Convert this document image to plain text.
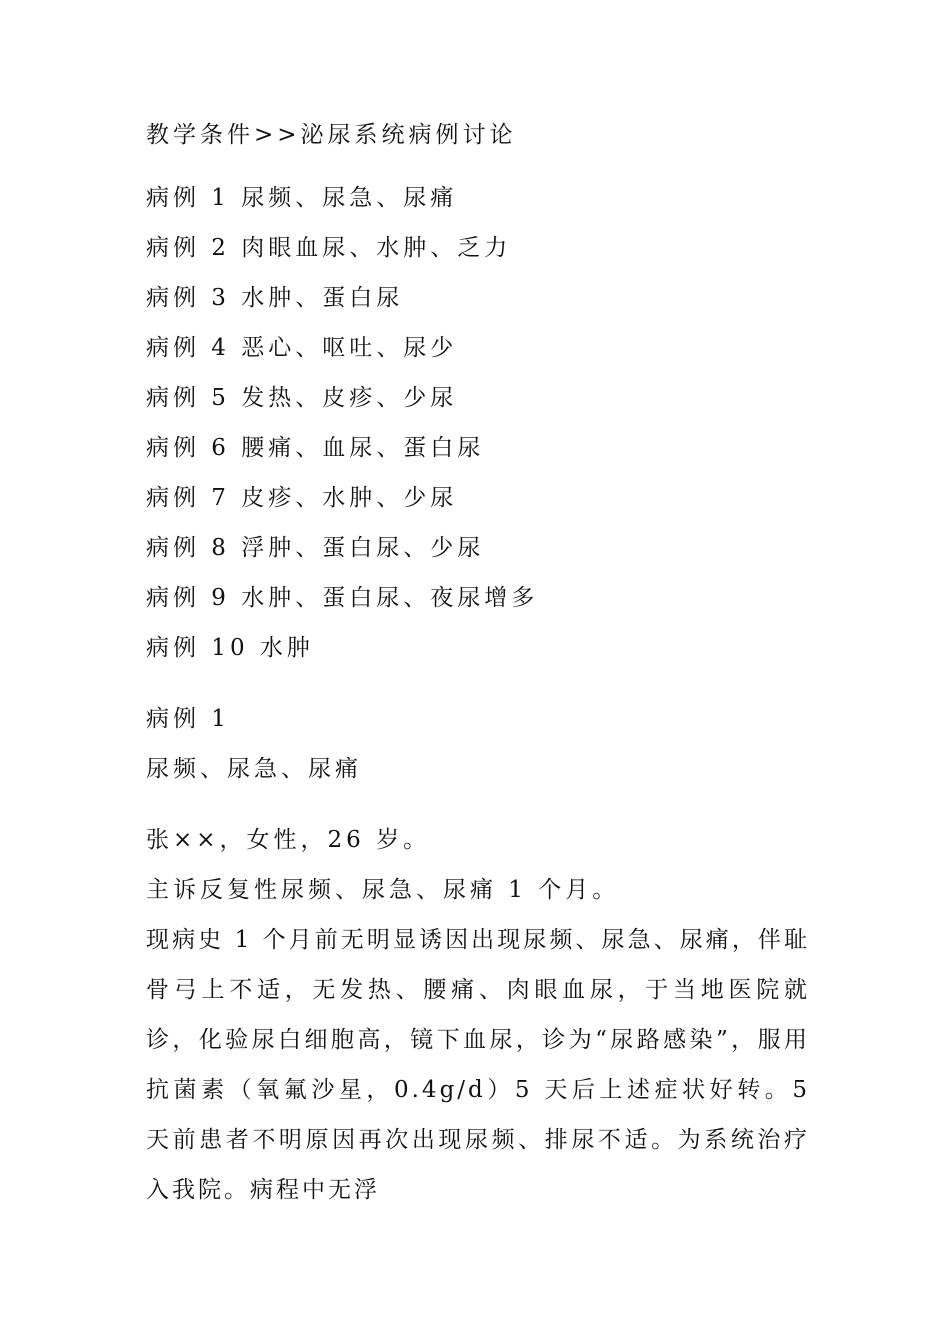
教学条件>>泌尿系统病例讨论
病例 1 尿频、尿急、尿痛
病例 2 肉眼血尿、水肿、乏力
病例 3 水肿、蛋白尿
病例 4 恶心、呕吐、尿少
病例 5 发热、皮疹、少尿
病例 6 腰痛、血尿、蛋白尿
病例 7 皮疹、水肿、少尿
病例 8 浮肿、蛋白尿、少尿
病例 9 水肿、蛋白尿、夜尿增多
病例 10 水肿
病例 1
尿频、尿急、尿痛
张××，女性，26 岁。
主诉反复性尿频、尿急、尿痛 1 个月。
现病史 1 个月前无明显诱因出现尿频、尿急、尿痛，伴耻骨弓上不适，无发热、腰痛、肉眼血尿，于当地医院就诊，化验尿白细胞高，镜下血尿，诊为“尿路感染”，服用抗菌素（氧氟沙星，0.4g/d）5 天后上述症状好转。5 天前患者不明原因再次出现尿频、排尿不适。为系统治疗入我院。病程中无浮
